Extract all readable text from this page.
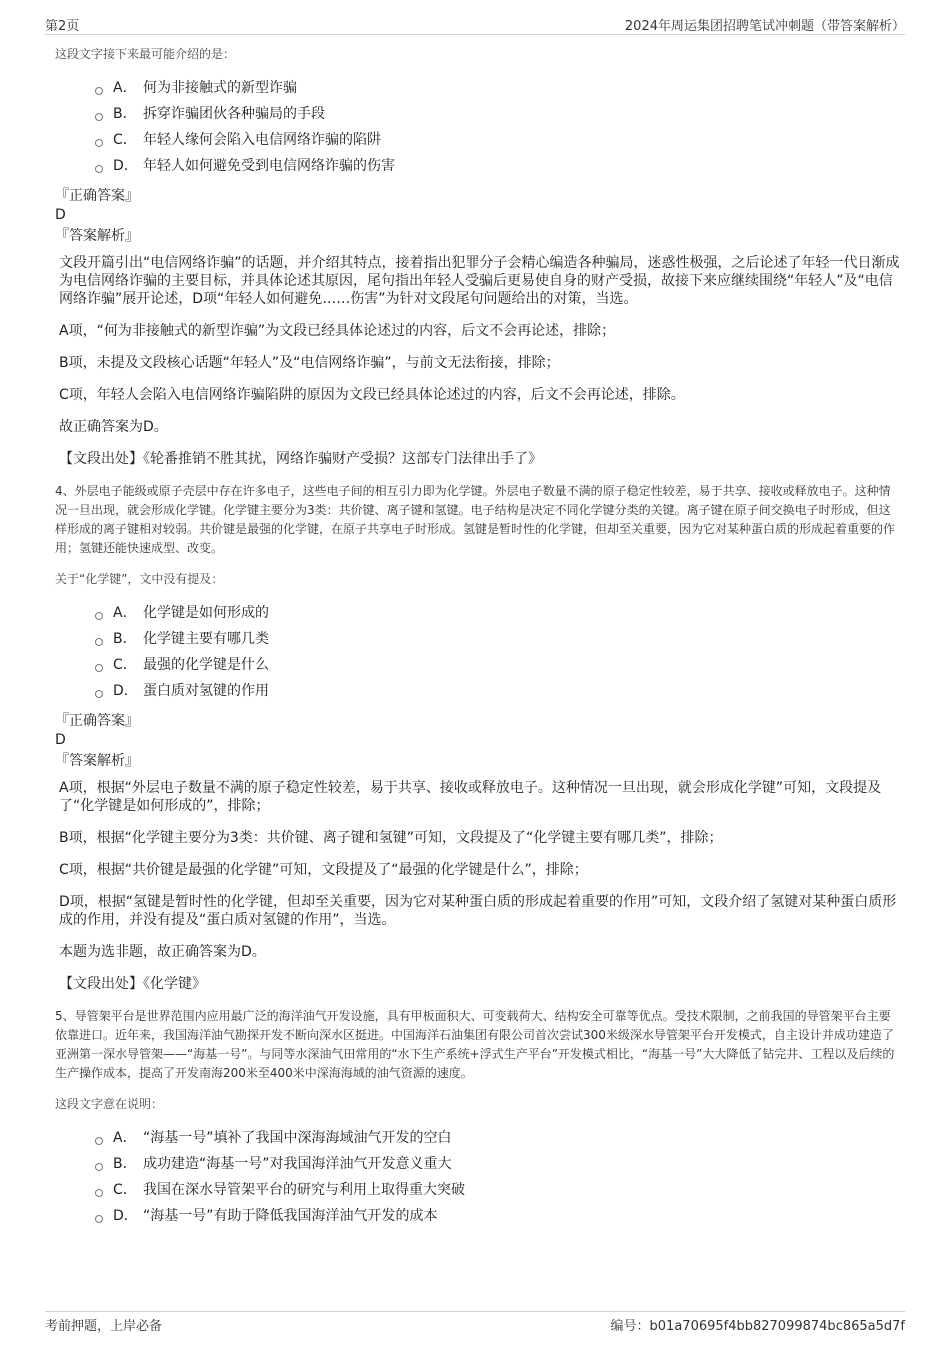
第2页	2024年周运集团招聘笔试冲刺题（带答案解析）
这段文字接下来最可能介绍的是：
A． 何为非接触式的新型诈骗
B． 拆穿诈骗团伙各种骗局的手段
C． 年轻人缘何会陷入电信网络诈骗的陷阱
D． 年轻人如何避免受到电信网络诈骗的伤害
『正确答案』
D
『答案解析』

文段开篇引出“电信网络诈骗”的话题，并介绍其特点，接着指出犯罪分子会精心编造各种骗局，迷惑性极强，之后论述了年轻一代日渐成为电信网络诈骗的主要目标，并具体论述其原因，尾句指出年轻人受骗后更易使自身的财产受损，故接下来应继续围绕“年轻人”及“电信网络诈骗”展开论述，D项“年轻人如何避免……伤害”为针对文段尾句问题给出的对策，当选。

A项，“何为非接触式的新型诈骗”为文段已经具体论述过的内容，后文不会再论述，排除；

B项，未提及文段核心话题“年轻人”及“电信网络诈骗”，与前文无法衔接，排除；

C项，年轻人会陷入电信网络诈骗陷阱的原因为文段已经具体论述过的内容，后文不会再论述，排除。

故正确答案为D。

【文段出处】《轮番推销不胜其扰，网络诈骗财产受损？这部专门法律出手了》

4、外层电子能级或原子壳层中存在许多电子，这些电子间的相互引力即为化学键。外层电子数量不满的原子稳定性较差，易于共享、接收或释放电子。这种情况一旦出现，就会形成化学键。化学键主要分为3类：共价键、离子键和氢键。电子结构是决定不同化学键分类的关键。离子键在原子间交换电子时形成，但这样形成的离子键相对较弱。共价键是最强的化学键，在原子共享电子时形成。氢键是暂时性的化学键，但却至关重要，因为它对某种蛋白质的形成起着重要的作用；氢键还能快速成型、改变。
关于“化学键”，文中没有提及：
A． 化学键是如何形成的
B． 化学键主要有哪几类
C． 最强的化学键是什么
D． 蛋白质对氢键的作用
『正确答案』
D
『答案解析』

A项，根据“外层电子数量不满的原子稳定性较差，易于共享、接收或释放电子。这种情况一旦出现，就会形成化学键”可知，文段提及了“化学键是如何形成的”，排除；

B项，根据“化学键主要分为3类：共价键、离子键和氢键”可知，文段提及了“化学键主要有哪几类”，排除；

C项，根据“共价键是最强的化学键”可知，文段提及了“最强的化学键是什么”，排除；

D项，根据“氢键是暂时性的化学键，但却至关重要，因为它对某种蛋白质的形成起着重要的作用”可知，文段介绍了氢键对某种蛋白质形成的作用，并没有提及“蛋白质对氢键的作用”，当选。

本题为选非题，故正确答案为D。

【文段出处】《化学键》

5、导管架平台是世界范围内应用最广泛的海洋油气开发设施，具有甲板面积大、可变载荷大、结构安全可靠等优点。受技术限制，之前我国的导管架平台主要依靠进口。近年来，我国海洋油气勘探开发不断向深水区挺进。中国海洋石油集团有限公司首次尝试300米级深水导管架平台开发模式，自主设计并成功建造了亚洲第一深水导管架——“海基一号”。与同等水深油气田常用的“水下生产系统+浮式生产平台”开发模式相比，“海基一号”大大降低了钻完井、工程以及后续的生产操作成本，提高了开发南海200米至400米中深海海域的油气资源的速度。
这段文字意在说明：
A． “海基一号”填补了我国中深海海域油气开发的空白
B． 成功建造“海基一号”对我国海洋油气开发意义重大
C． 我国在深水导管架平台的研究与利用上取得重大突破
D． “海基一号”有助于降低我国海洋油气开发的成本
考前押题，上岸必备	编号：b01a70695f4bb827099874bc865a5d7f
